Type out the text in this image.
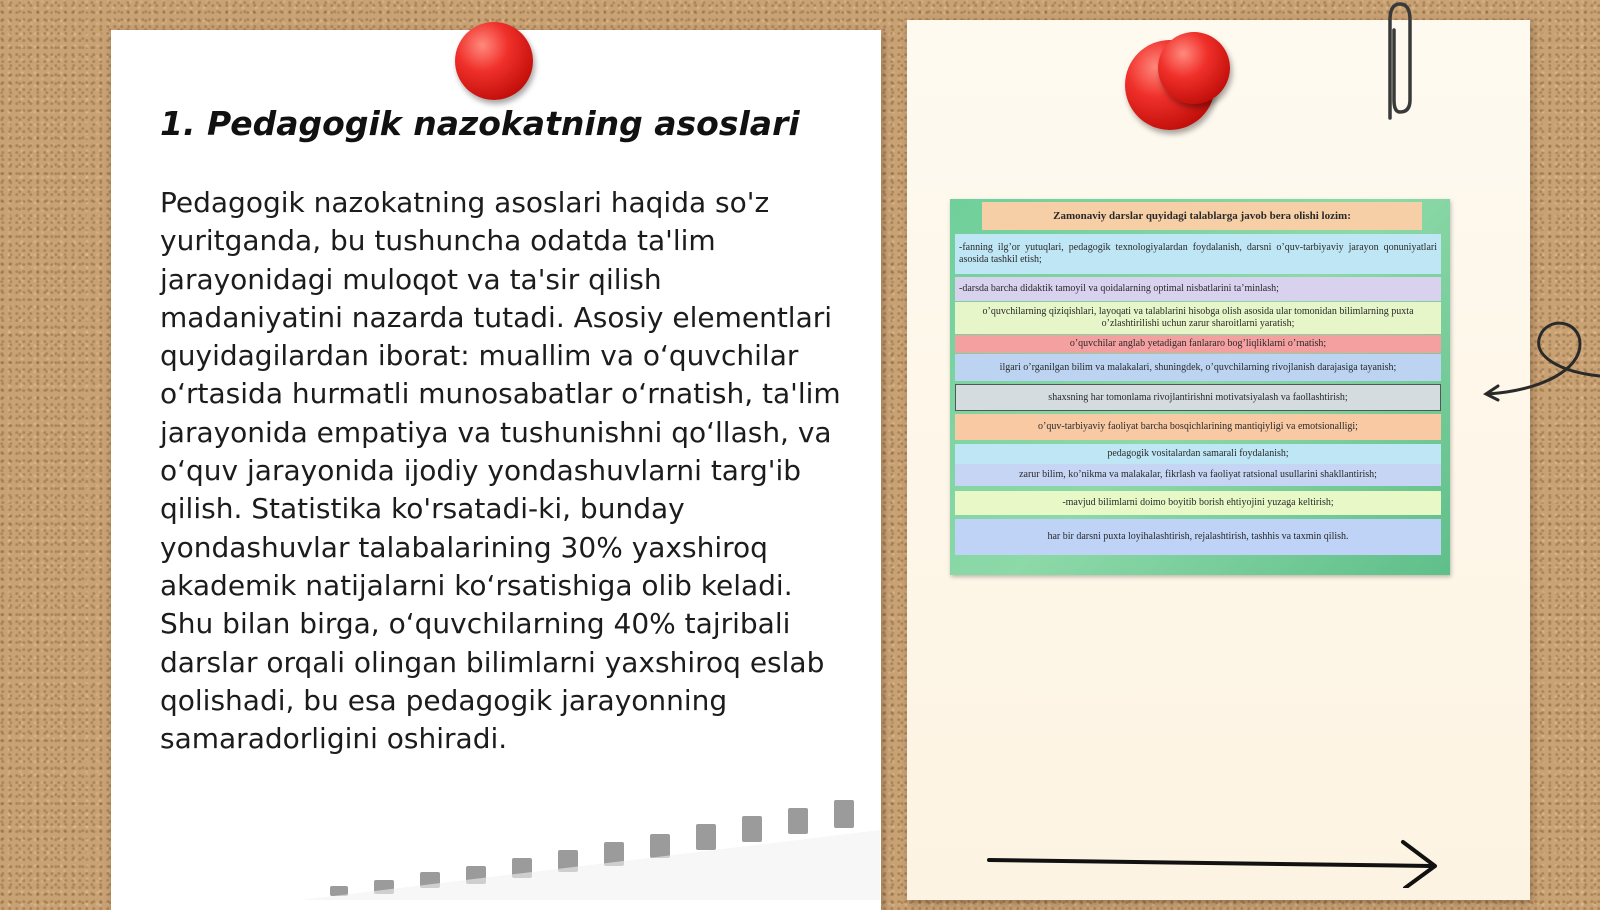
1. Pedagogik nazokatning asoslari

Pedagogik nazokatning asoslari haqida so'z yuritganda, bu tushuncha odatda ta'lim jarayonidagi muloqot va ta'sir qilish madaniyatini nazarda tutadi. Asosiy elementlari quyidagilardan iborat: muallim va o‘quvchilar o‘rtasida hurmatli munosabatlar o‘rnatish, ta'lim jarayonida empatiya va tushunishni qo‘llash, va o‘quv jarayonida ijodiy yondashuvlarni targ'ib qilish. Statistika ko'rsatadi-ki, bunday yondashuvlar talabalarining 30% yaxshiroq akademik natijalarni ko‘rsatishiga olib keladi. Shu bilan birga, o‘quvchilarning 40% tajribali darslar orqali olingan bilimlarni yaxshiroq eslab qolishadi, bu esa pedagogik jarayonning samaradorligini oshiradi.

Zamonaviy darslar quyidagi talablarga javob bera olishi lozim:
-fanning ilg’or yutuqlari, pedagogik texnologiyalardan foydalanish, darsni o’quv-tarbiyaviy jarayon qonuniyatlari asosida tashkil etish;
-darsda barcha didaktik tamoyil va qoidalarning optimal nisbatlarini ta’minlash;
o’quvchilarning qiziqishlari, layoqati va talablarini hisobga olish asosida ular tomonidan bilimlarning puxta o’zlashtirilishi uchun zarur sharoitlarni yaratish;
o’quvchilar anglab yetadigan fanlararo bog’liqliklarni o’rnatish;
ilgari o’rganilgan bilim va malakalari, shuningdek, o’quvchilarning rivojlanish darajasiga tayanish;
shaxsning har tomonlama rivojlantirishni motivatsiyalash va faollashtirish;
o’quv-tarbiyaviy faoliyat barcha bosqichlarining mantiqiyligi va emotsionalligi;
pedagogik vositalardan samarali foydalanish;
zarur bilim, ko’nikma va malakalar, fikrlash va faoliyat ratsional usullarini shakllantirish;
-mavjud bilimlarni doimo boyitib borish ehtiyojini yuzaga keltirish;
har bir darsni puxta loyihalashtirish, rejalashtirish, tashhis va taxmin qilish.
